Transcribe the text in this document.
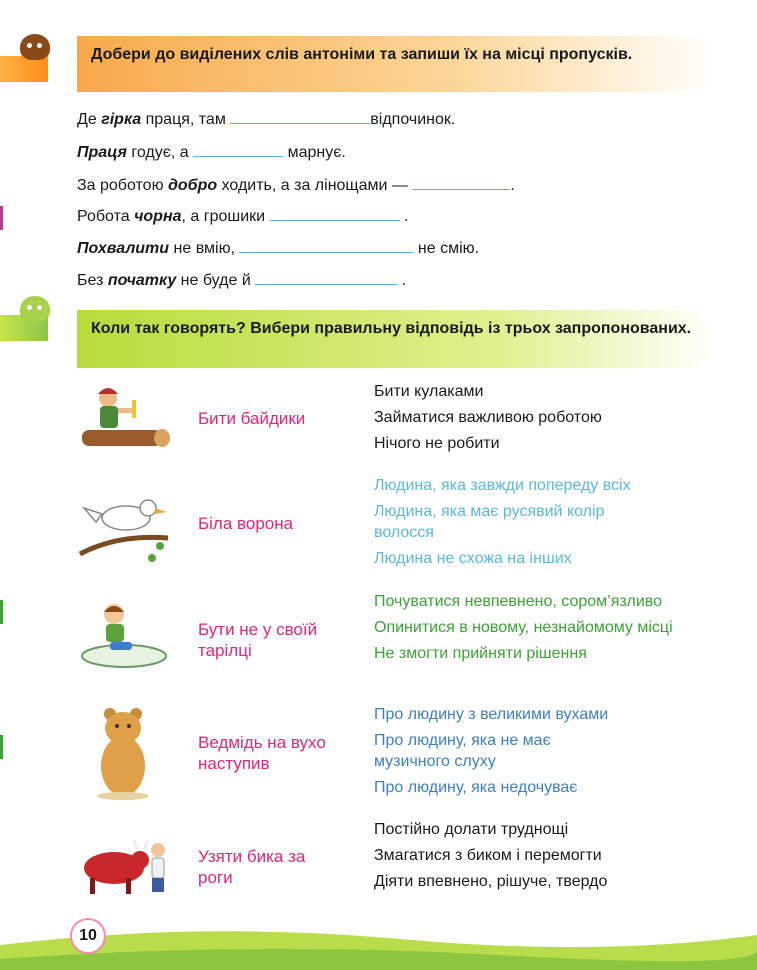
Добери до виділених слів антоніми та запиши їх на місці пропусків.
Де гірка праця, там	відпочинок.
Праця годує, а	марнує.
За роботою добро ходить, а за лінощами —	.
Робота чорна, а грошики	.
Похвалити не вмію,	не смію.
Без початку не буде й	.
Коли так говорять? Вибери правильну відповідь із трьох запропонованих.
Бити байдики
Бити кулаками
Займатися важливою роботою
Нічого не робити
Біла ворона
Людина, яка завжди попереду всіх
Людина, яка має русявий колір волосся
Людина не схожа на інших
Бути не у своїй тарілці
Почуватися невпевнено, сором’язливо
Опинитися в новому, незнайомому місці
Не змогти прийняти рішення
Ведмідь на вухо наступив
Про людину з великими вухами
Про людину, яка не має музичного слуху
Про людину, яка недочуває
Узяти бика за роги
Постійно долати труднощі
Змагатися з биком і перемогти
Діяти впевнено, рішуче, твердо
10
